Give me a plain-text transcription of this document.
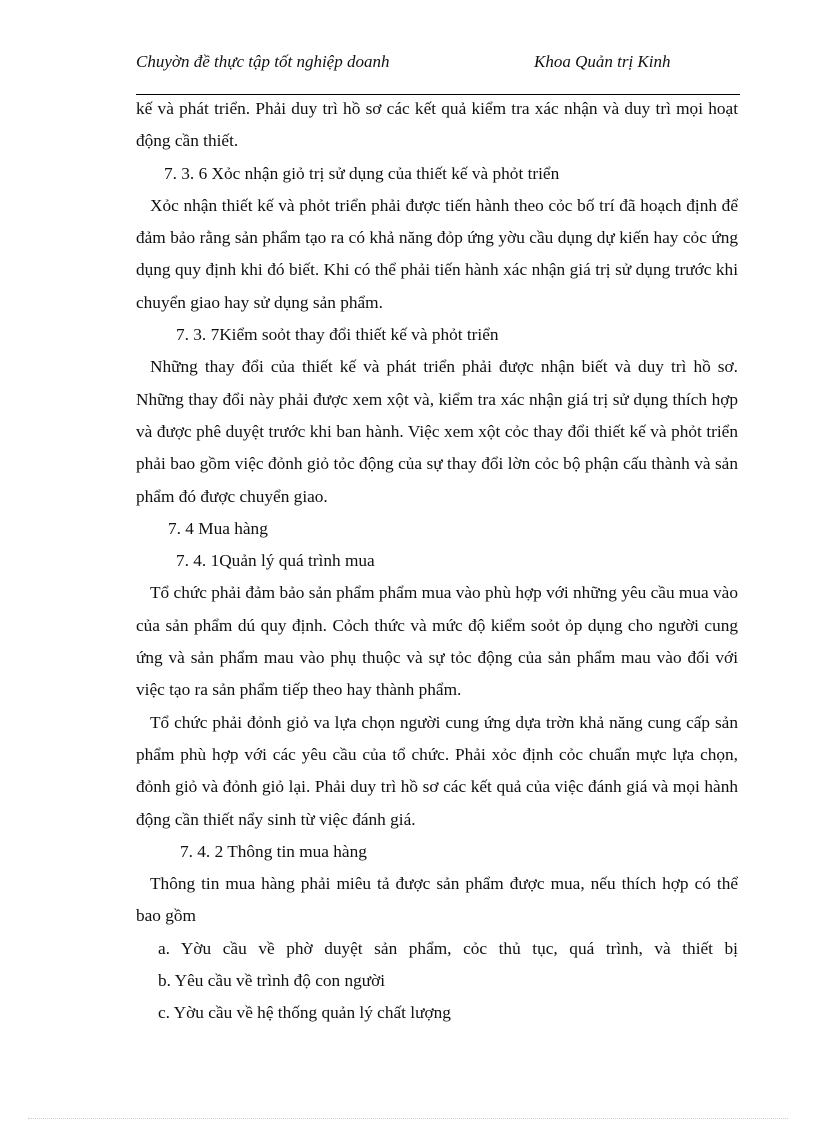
Chuyờn đề thực tập tốt nghiệp doanh	Khoa Quản trị Kinh

kế và phát triển. Phải duy trì hồ sơ các kết quả kiểm tra xác nhận và duy trì mọi hoạt động cần thiết.

7. 3. 6 Xỏc nhận giỏ trị sử dụng của thiết kế và phỏt triển

Xỏc nhận thiết kế và phỏt triển phải được tiến hành theo cỏc bố trí đã hoạch định để đảm bảo rằng sản phẩm tạo ra có khả năng đỏp ứng yờu cầu dụng dự kiến hay cỏc ứng dụng quy định khi đó biết. Khi có thể phải tiến hành xác nhận giá trị sử dụng trước khi chuyển giao hay sử dụng sản phẩm.

7. 3. 7Kiểm soỏt thay đổi thiết kế và phỏt triển

Những thay đổi của thiết kế và phát triển phải được nhận biết và duy trì hồ sơ. Những thay đổi này phải được xem xột và, kiểm tra xác nhận giá trị sử dụng thích hợp và được phê duyệt trước khi ban hành. Việc xem xột cỏc thay đổi thiết kế và phỏt triển phải bao gồm việc đỏnh giỏ tỏc động của sự thay đổi lờn cỏc bộ phận cấu thành và sản phẩm đó được chuyển giao.

7. 4 Mua hàng

7. 4. 1Quản lý quá trình mua

Tổ chức phải đảm bảo sản phẩm phẩm mua vào phù hợp với những yêu cầu mua vào của sản phẩm dú quy định. Cỏch thức và mức độ kiểm soỏt ỏp dụng cho người cung ứng và sản phẩm mau vào phụ thuộc và sự tỏc động của sản phẩm mau vào đối với việc tạo ra sản phẩm tiếp theo hay thành phẩm.

Tổ chức phải đỏnh giỏ va lựa chọn người cung ứng dựa trờn khả năng cung cấp sản phẩm phù hợp với các yêu cầu của tổ chức. Phải xỏc định cỏc chuẩn mực lựa chọn, đỏnh giỏ và đỏnh giỏ lại. Phải duy trì hồ sơ các kết quả của việc đánh giá và mọi hành động cần thiết nẩy sinh từ việc đánh giá.

7. 4. 2 Thông tin mua hàng

Thông tin mua hàng phải miêu tả được sản phẩm được mua, nếu thích hợp có thể bao gồm

a. Yờu cầu về phờ duyệt sản phẩm, cỏc thủ tục, quá trình, và thiết bị

b. Yêu cầu về trình độ con người

c. Yờu cầu về hệ thống quản lý chất lượng
